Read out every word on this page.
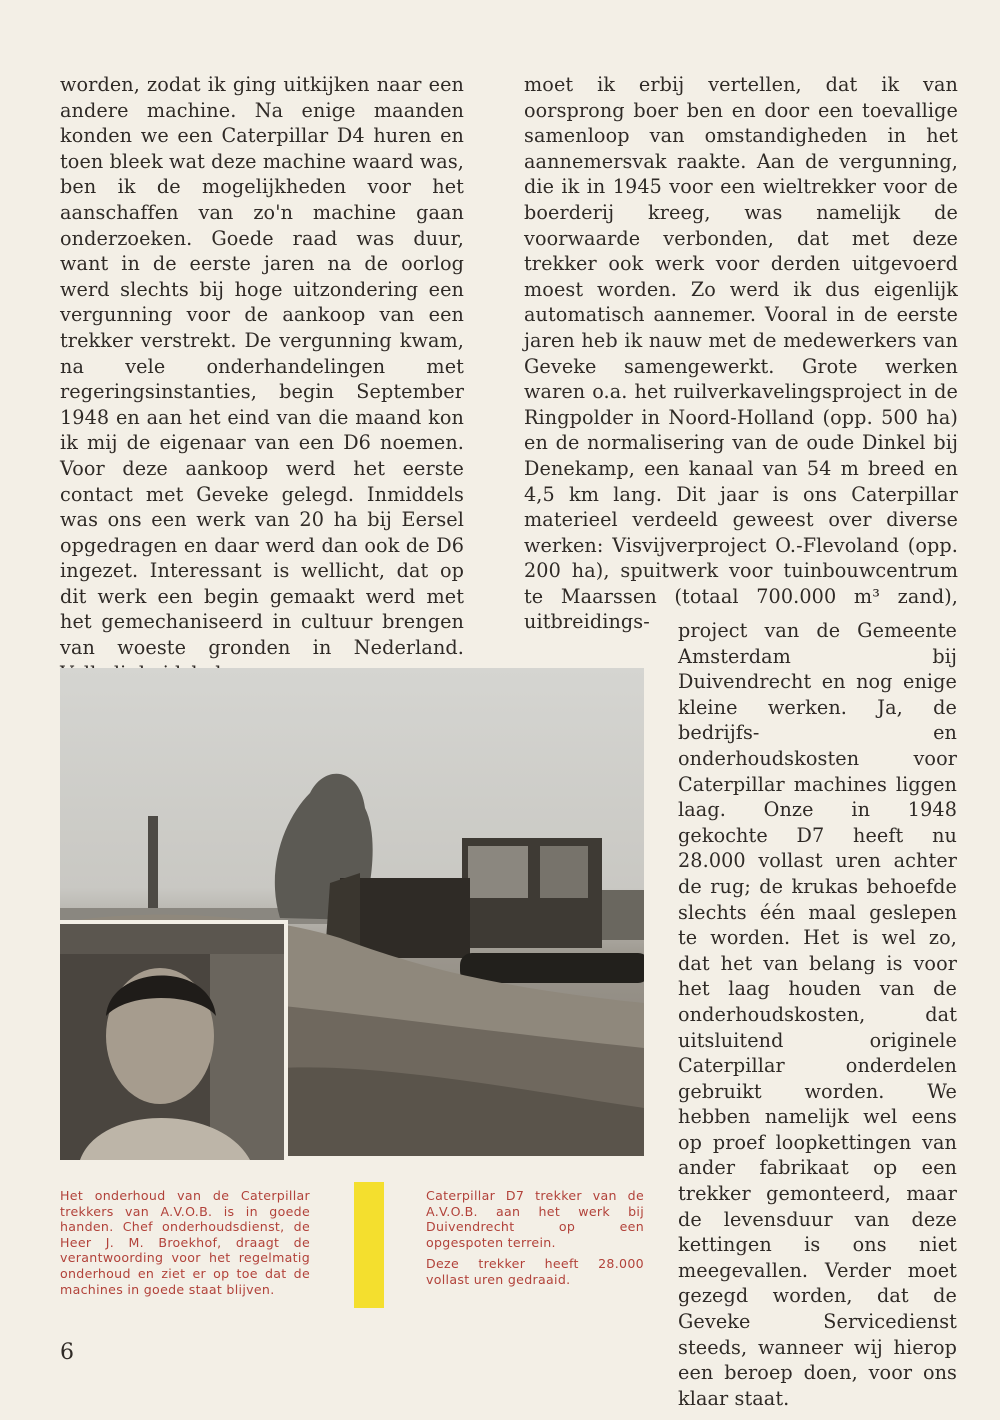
worden, zodat ik ging uitkijken naar een andere machine. Na enige maanden konden we een Caterpillar D4 huren en toen bleek wat deze machine waard was, ben ik de mogelijkheden voor het aanschaffen van zo'n machine gaan onderzoeken. Goede raad was duur, want in de eerste jaren na de oorlog werd slechts bij hoge uitzondering een vergunning voor de aankoop van een trekker verstrekt. De vergunning kwam, na vele onderhandelingen met regeringsinstanties, begin September 1948 en aan het eind van die maand kon ik mij de eigenaar van een D6 noemen. Voor deze aankoop werd het eerste contact met Geveke gelegd. Inmiddels was ons een werk van 20 ha bij Eersel opgedragen en daar werd dan ook de D6 ingezet. Interessant is wellicht, dat op dit werk een begin gemaakt werd met het gemechaniseerd in cultuur brengen van woeste gronden in Nederland.

moet ik erbij vertellen, dat ik van oorsprong boer ben en door een toevallige samenloop van omstandigheden in het aannemersvak raakte. Aan de vergunning, die ik in 1945 voor een wieltrekker voor de boerderij kreeg, was namelijk de voorwaarde verbonden, dat met deze trekker ook werk voor derden uitgevoerd moest worden. Zo werd ik dus eigenlijk automatisch aannemer. Vooral in de eerste jaren heb ik nauw met de medewerkers van Geveke samengewerkt. Grote werken waren o.a. het ruilverkavelingsproject in de Ringpolder in Noord-Holland (opp. 500 ha) en de normalisering van de oude Dinkel bij Denekamp, een kanaal van 54 m breed en 4,5 km lang. Dit jaar is ons Caterpillar materieel verdeeld geweest over diverse werken: Visvijverproject O.-Flevoland (opp. 200 ha), spuitwerk voor tuinbouwcentrum te Maarssen (totaal 700.000 m³ zand), uitbreidings-	project van de Gemeente Amsterdam bij Duivendrecht en nog enige kleine werken. Ja, de bedrijfs- en onderhoudskosten voor Caterpillar machines liggen laag. Onze in 1948 gekochte D7 heeft nu 28.000 vollast uren achter de rug; de krukas behoefde slechts één maal geslepen te worden. Het is wel zo, dat het van belang is voor het laag houden van de onderhoudskosten, dat uitsluitend originele Caterpillar onderdelen gebruikt worden. We hebben namelijk wel eens op proef loopkettingen van ander fabrikaat op een trekker gemonteerd, maar de levensduur van deze kettingen is ons niet meegevallen. Verder moet gezegd worden, dat de Geveke Servicedienst steeds, wanneer wij hierop een beroep doen, voor ons klaar staat.

Het onderhoud van de Caterpillar trekkers van A.V.O.B. is in goede handen. Chef onderhoudsdienst, de Heer J. M. Broekhof, draagt de verantwoording voor het regelmatig onderhoud en ziet er op toe dat de machines in goede staat blijven.

Caterpillar D7 trekker van de A.V.O.B. aan het werk bij Duivendrecht op een opgespoten terrein.

Deze trekker heeft 28.000 vollast uren gedraaid.

6
